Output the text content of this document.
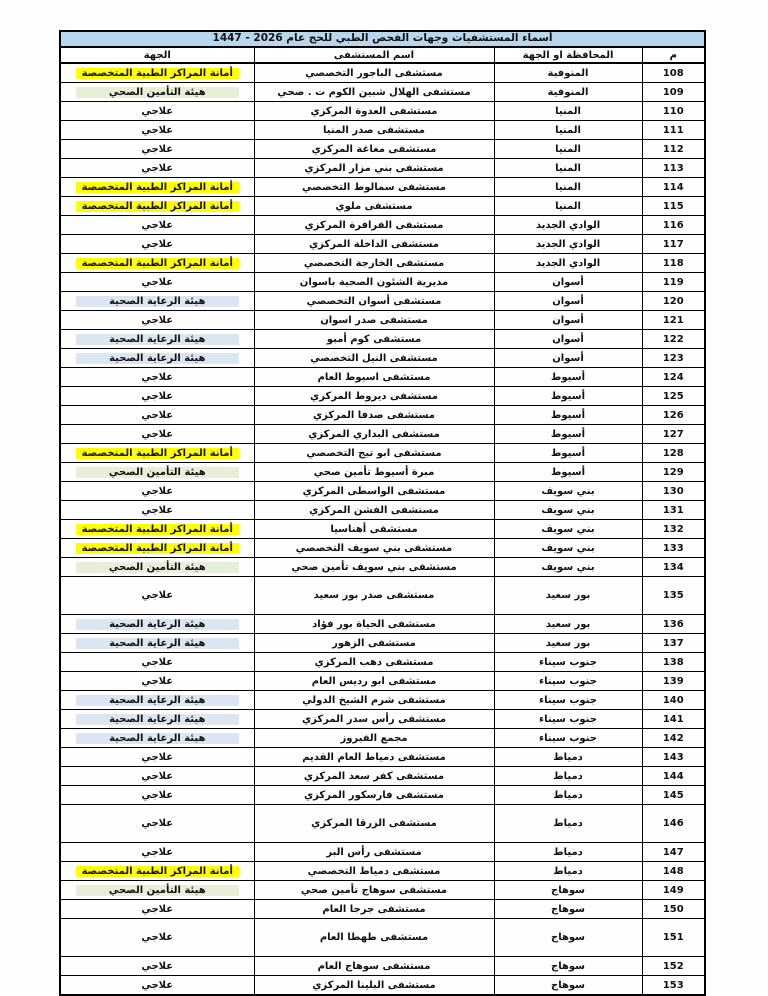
أسماء المستشفيات وجهات الفحص الطبي للحج عام 2026 - 1447			
م	المحافظة او الجهة	اسم المستشفى	الجهة
108	المنوفية	مستشفى الباجور التخصصي	أمانة المراكز الطبية المتخصصة
109	المنوفية	مستشفى الهلال شبين الكوم ت . صحي	هيئة التأمين الصحي
110	المنيا	مستشفى العدوة المركزي	علاجي
111	المنيا	مستشفى صدر المنيا	علاجي
112	المنيا	مستشفى مغاغة المركزي	علاجي
113	المنيا	مستشفى بني مزار المركزي	علاجي
114	المنيا	مستشفى سمالوط التخصصي	أمانة المراكز الطبية المتخصصة
115	المنيا	مستشفى ملوي	أمانة المراكز الطبية المتخصصة
116	الوادي الجديد	مستشفى الفرافرة المركزي	علاجي
117	الوادي الجديد	مستشفى الداخلة المركزي	علاجي
118	الوادي الجديد	مستشفى الخارجة التخصصي	أمانة المراكز الطبية المتخصصة
119	أسوان	مديرية الشئون الصحية باسوان	علاجي
120	أسوان	مستشفى أسوان التخصصي	هيئة الرعاية الصحية
121	أسوان	مستشفى صدر اسوان	علاجي
122	أسوان	مستشفى كوم أمبو	هيئة الرعاية الصحية
123	أسوان	مستشفى النيل التخصصي	هيئة الرعاية الصحية
124	أسيوط	مستشفى اسيوط العام	علاجي
125	أسيوط	مستشفى ديروط المركزي	علاجي
126	أسيوط	مستشفى صدفا المركزي	علاجي
127	أسيوط	مستشفى البداري المركزي	علاجي
128	أسيوط	مستشفى ابو تيج التخصصي	أمانة المراكز الطبية المتخصصة
129	أسيوط	مبرة أسيوط تأمين صحي	هيئة التأمين الصحي
130	بني سويف	مستشفى الواسطى المركزي	علاجي
131	بني سويف	مستشفى الفشن المركزي	علاجي
132	بني سويف	مستشفى أهناسيا	أمانة المراكز الطبية المتخصصة
133	بني سويف	مستشفى بني سويف التخصصي	أمانة المراكز الطبية المتخصصة
134	بني سويف	مستشفى بني سويف تأمين صحي	هيئة التأمين الصحي
135	بور سعيد	مستشفى صدر بور سعيد	علاجي
136	بور سعيد	مستشفى الحياة بور فؤاد	هيئة الرعاية الصحية
137	بور سعيد	مستشفى الزهور	هيئة الرعاية الصحية
138	جنوب سيناء	مستشفى دهب المركزي	علاجي
139	جنوب سيناء	مستشفى ابو رديس العام	علاجي
140	جنوب سيناء	مستشفى شرم الشيخ الدولي	هيئة الرعاية الصحية
141	جنوب سيناء	مستشفى رأس سدر المركزي	هيئة الرعاية الصحية
142	جنوب سيناء	مجمع الفيروز	هيئة الرعاية الصحية
143	دمياط	مستشفى دمياط العام القديم	علاجي
144	دمياط	مستشفى كفر سعد المركزي	علاجي
145	دمياط	مستشفى فارسكور المركزي	علاجي
146	دمياط	مستشفى الزرقا المركزي	علاجي
147	دمياط	مستشفى رأس البر	علاجي
148	دمياط	مستشفى دمياط التخصصي	أمانة المراكز الطبية المتخصصة
149	سوهاج	مستشفى سوهاج تأمين صحي	هيئة التأمين الصحي
150	سوهاج	مستشفى جرجا العام	علاجي
151	سوهاج	مستشفى طهطا العام	علاجي
152	سوهاج	مستشفى سوهاج العام	علاجي
153	سوهاج	مستشفى البلينا المركزي	علاجي
